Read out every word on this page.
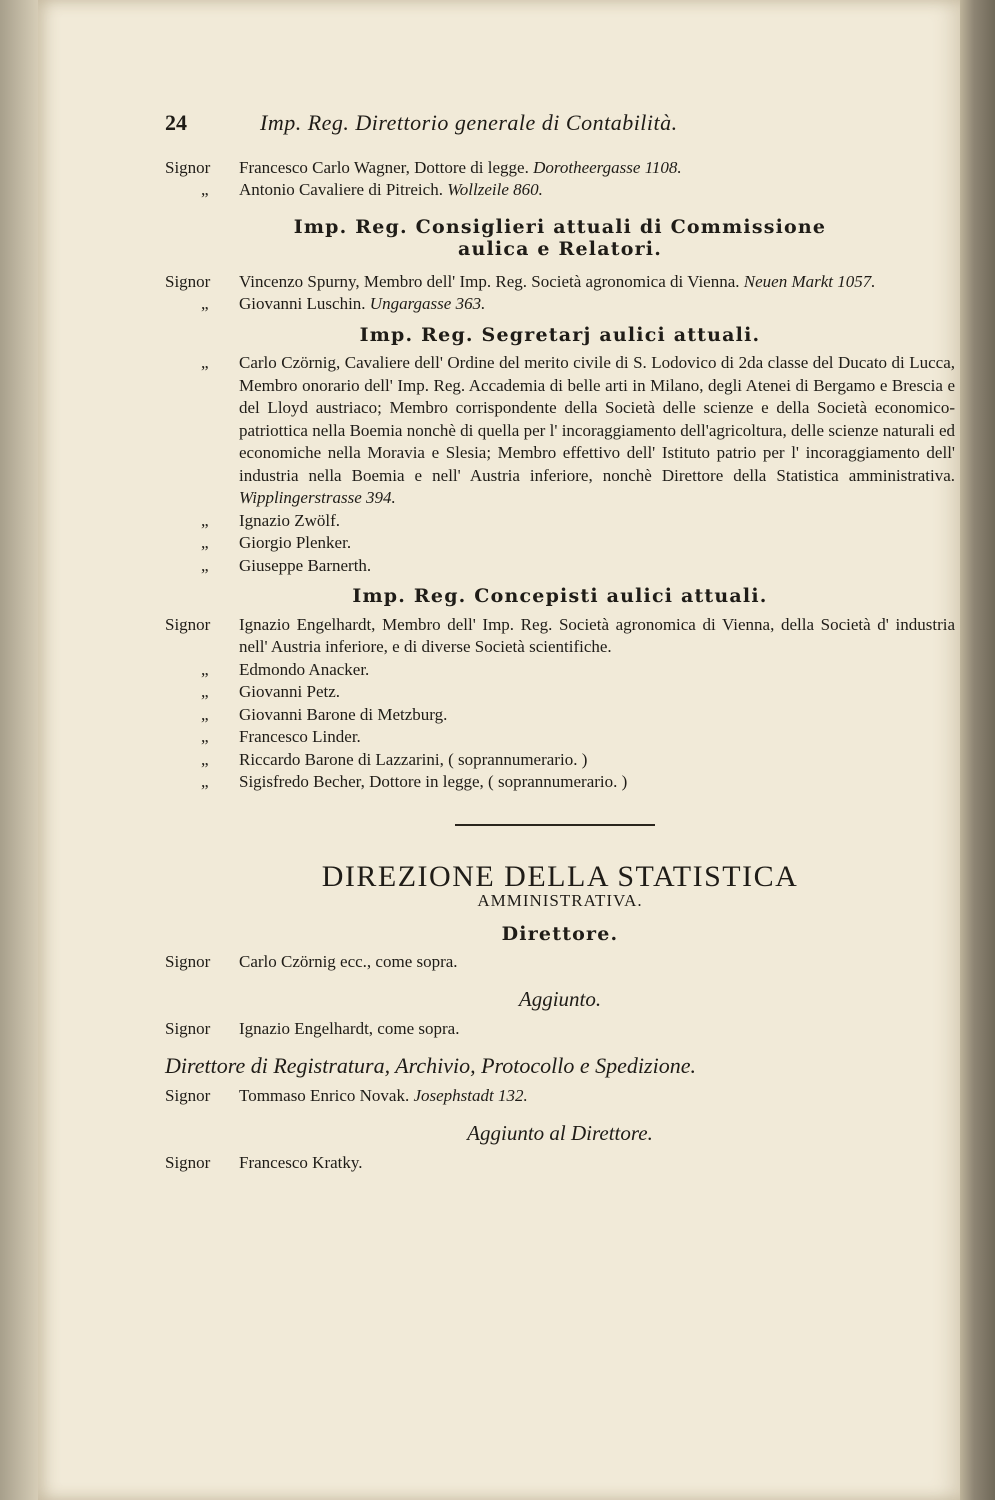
24	Imp. Reg. Direttorio generale di Contabilità.
Signor	Francesco Carlo Wagner, Dottore di legge. Dorotheergasse 1108.
„	Antonio Cavaliere di Pitreich. Wollzeile 860.
Imp. Reg. Consiglieri attuali di Commissione
aulica e Relatori.
Signor	Vincenzo Spurny, Membro dell' Imp. Reg. Società agronomica di Vienna. Neuen Markt 1057.
„	Giovanni Luschin. Ungargasse 363.
Imp. Reg. Segretarj aulici attuali.
„	Carlo Czörnig, Cavaliere dell' Ordine del merito civile di S. Lodovico di 2da classe del Ducato di Lucca, Membro onorario dell' Imp. Reg. Accademia di belle arti in Milano, degli Atenei di Bergamo e Brescia e del Lloyd austriaco; Membro corrispondente della Società delle scienze e della Società economico-patriottica nella Boemia nonchè di quella per l' incoraggiamento dell'agricoltura, delle scienze naturali ed economiche nella Moravia e Slesia; Membro effettivo dell' Istituto patrio per l' incoraggiamento dell' industria nella Boemia e nell' Austria inferiore, nonchè Direttore della Statistica amministrativa. Wipplingerstrasse 394.
„	Ignazio Zwölf.
„	Giorgio Plenker.
„	Giuseppe Barnerth.
Imp. Reg. Concepisti aulici attuali.
Signor	Ignazio Engelhardt, Membro dell' Imp. Reg. Società agronomica di Vienna, della Società d' industria nell' Austria inferiore, e di diverse Società scientifiche.
„	Edmondo Anacker.
„	Giovanni Petz.
„	Giovanni Barone di Metzburg.
„	Francesco Linder.
„	Riccardo Barone di Lazzarini, ( soprannumerario. )
„	Sigisfredo Becher, Dottore in legge, ( soprannumerario. )
DIREZIONE DELLA STATISTICA
AMMINISTRATIVA.
Direttore.
Signor	Carlo Czörnig ecc., come sopra.
Aggiunto.
Signor	Ignazio Engelhardt, come sopra.
Direttore di Registratura, Archivio, Protocollo e Spedizione.
Signor	Tommaso Enrico Novak. Josephstadt 132.
Aggiunto al Direttore.
Signor	Francesco Kratky.
